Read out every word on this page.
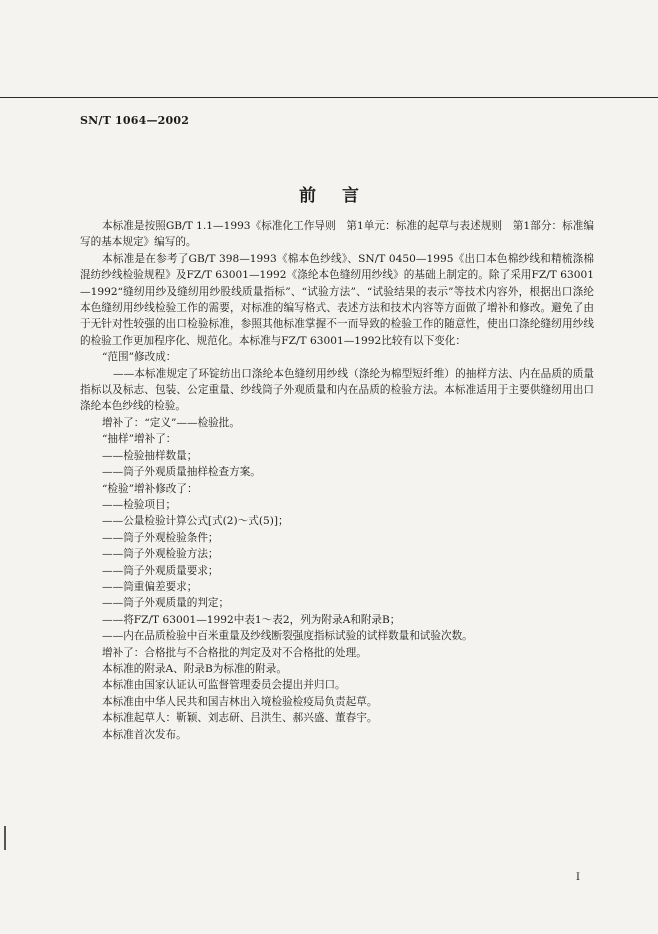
SN/T 1064—2002
前言

本标准是按照GB/T 1.1—1993《标准化工作导则　第1单元：标准的起草与表述规则　第1部分：标准编写的基本规定》编写的。

本标准是在参考了GB/T 398—1993《棉本色纱线》、SN/T 0450—1995《出口本色棉纱线和精梳涤棉混纺纱线检验规程》及FZ/T 63001—1992《涤纶本色缝纫用纱线》的基础上制定的。除了采用FZ/T 63001—1992“缝纫用纱及缝纫用纱股线质量指标”、“试验方法”、“试验结果的表示”等技术内容外，根据出口涤纶本色缝纫用纱线检验工作的需要，对标准的编写格式、表述方法和技术内容等方面做了增补和修改。避免了由于无针对性较强的出口检验标准，参照其他标准掌握不一而导致的检验工作的随意性，使出口涤纶缝纫用纱线的检验工作更加程序化、规范化。本标准与FZ/T 63001—1992比较有以下变化：

“范围”修改成：

——本标准规定了环锭纺出口涤纶本色缝纫用纱线（涤纶为棉型短纤维）的抽样方法、内在品质的质量指标以及标志、包装、公定重量、纱线筒子外观质量和内在品质的检验方法。本标准适用于主要供缝纫用出口涤纶本色纱线的检验。

增补了：“定义”——检验批。

“抽样”增补了：

——检验抽样数量；

——筒子外观质量抽样检查方案。

“检验”增补修改了：

——检验项目；

——公量检验计算公式[式(2)～式(5)]；

——筒子外观检验条件；

——筒子外观检验方法；

——筒子外观质量要求；

——筒重偏差要求；

——筒子外观质量的判定；

——将FZ/T 63001—1992中表1～表2，列为附录A和附录B；

——内在品质检验中百米重量及纱线断裂强度指标试验的试样数量和试验次数。

增补了：合格批与不合格批的判定及对不合格批的处理。

本标准的附录A、附录B为标准的附录。

本标准由国家认证认可监督管理委员会提出并归口。

本标准由中华人民共和国吉林出入境检验检疫局负责起草。

本标准起草人：靳颖、刘志研、吕洪生、郝兴盛、董春宇。

本标准首次发布。

I
